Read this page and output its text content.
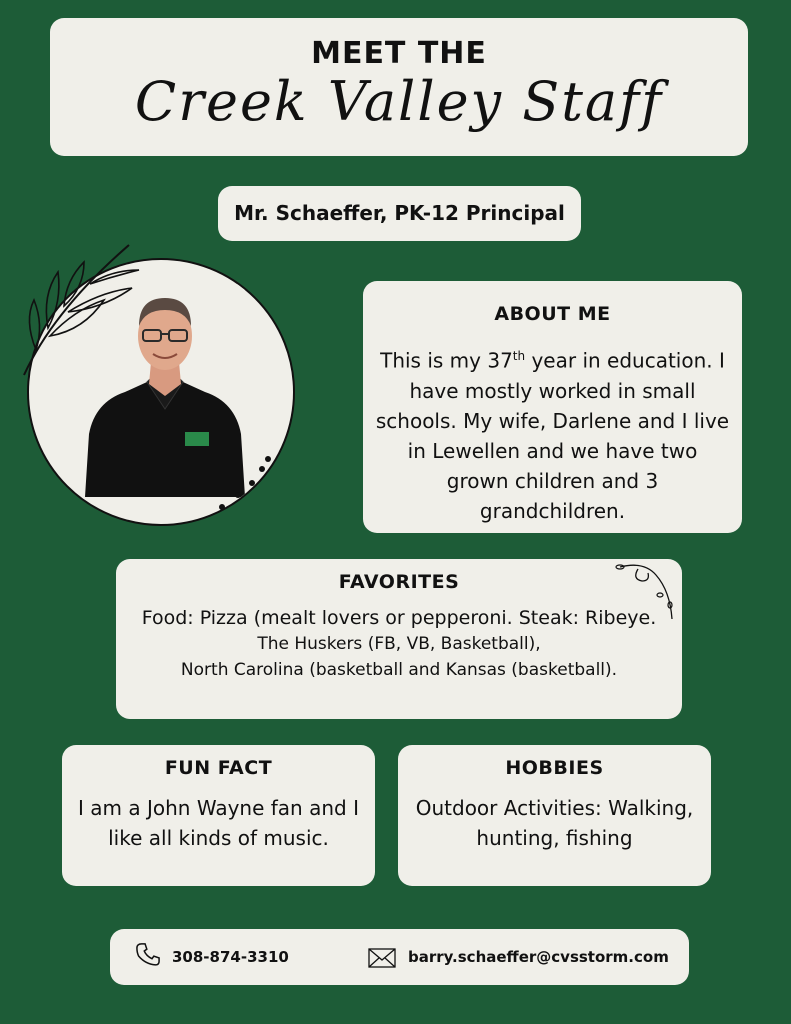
MEET THE
Creek Valley Staff
Mr. Schaeffer, PK-12 Principal
ABOUT ME
This is my 37th year in education. I have mostly worked in small schools. My wife, Darlene and I live in Lewellen and we have two grown children and 3 grandchildren.
FAVORITES
Food: Pizza (mealt lovers or pepperoni. Steak: Ribeye.
The Huskers (FB, VB, Basketball),
North Carolina (basketball and Kansas (basketball).
FUN FACT
I am a John Wayne fan and I like all kinds of music.
HOBBIES
Outdoor Activities: Walking, hunting, fishing
308-874-3310	barry.schaeffer@cvsstorm.com
